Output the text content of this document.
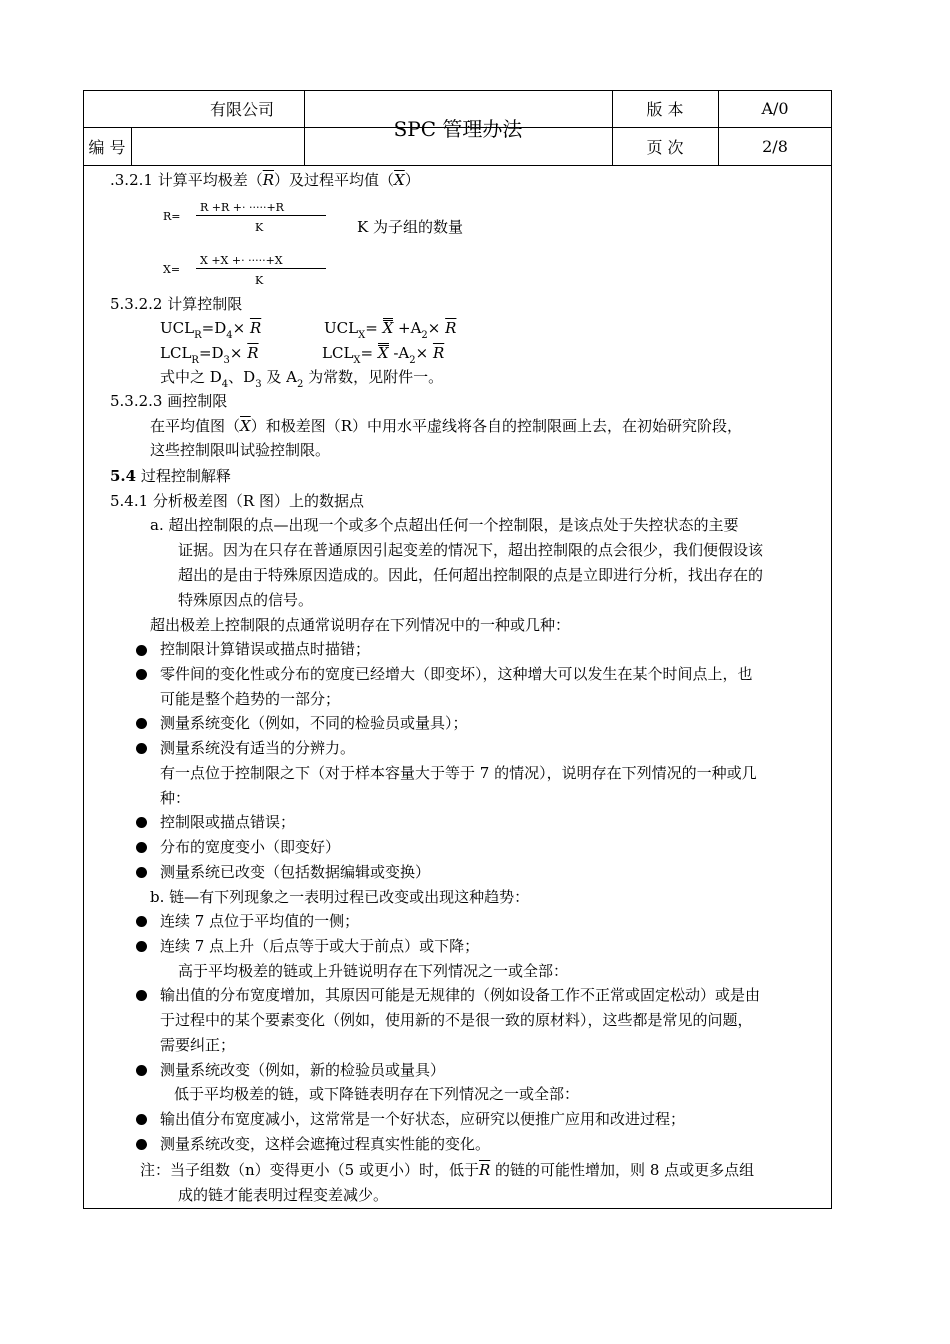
有限公司
SPC 管理办法
编 号
版 本	A/0
页 次	2/8
.3.2.1 计算平均极差$(\overline{R})$及过程平均值$(\overline{X})$
R=
R +R +· ·····+R
K	K 为子组的数量
X=
X +X +· ·····+X
K
5.3.2.2 计算控制限
$UCL_R=D_4\times \overline{R}$	$UCL_X= X +A_2\times \overline{R}$
$LCL_R=D_3\times \overline{R}$	$LCL_X= X$ $-A_2\times \overline{R}$
式中之 $D_4$、$D_3$ 及 $A_2$ 为常数，见附件一。
5.3.2.3 画控制限
在平均值图$(\overline{X})$和极差图（R）中用水平虚线将各自的控制限画上去，在初始研究阶段，
这些控制限叫试验控制限。
5.4 过程控制解释
5.4.1 分析极差图（R 图）上的数据点
a. 超出控制限的点—出现一个或多个点超出任何一个控制限，是该点处于失控状态的主要
证据。因为在只存在普通原因引起变差的情况下，超出控制限的点会很少，我们便假设该
超出的是由于特殊原因造成的。因此，任何超出控制限的点是立即进行分析，找出存在的
特殊原因点的信号。
超出极差上控制限的点通常说明存在下列情况中的一种或几种：
控制限计算错误或描点时描错；
零件间的变化性或分布的宽度已经增大（即变坏），这种增大可以发生在某个时间点上，也
可能是整个趋势的一部分；
测量系统变化（例如，不同的检验员或量具）；
测量系统没有适当的分辨力。
有一点位于控制限之下（对于样本容量大于等于 7 的情况），说明存在下列情况的一种或几
种：
控制限或描点错误；
分布的宽度变小（即变好）
测量系统已改变（包括数据编辑或变换）
b. 链—有下列现象之一表明过程已改变或出现这种趋势：
连续 7 点位于平均值的一侧；
连续 7 点上升（后点等于或大于前点）或下降；
高于平均极差的链或上升链说明存在下列情况之一或全部：
输出值的分布宽度增加，其原因可能是无规律的（例如设备工作不正常或固定松动）或是由
于过程中的某个要素变化（例如，使用新的不是很一致的原材料），这些都是常见的问题，
需要纠正；
测量系统改变（例如，新的检验员或量具）
低于平均极差的链，或下降链表明存在下列情况之一或全部：
输出值分布宽度减小，这常常是一个好状态，应研究以便推广应用和改进过程；
测量系统改变，这样会遮掩过程真实性能的变化。
注：当子组数（n）变得更小（5 或更小）时，低于$\overline{R}$ 的链的可能性增加，则 8 点或更多点组
成的链才能表明过程变差减少。
